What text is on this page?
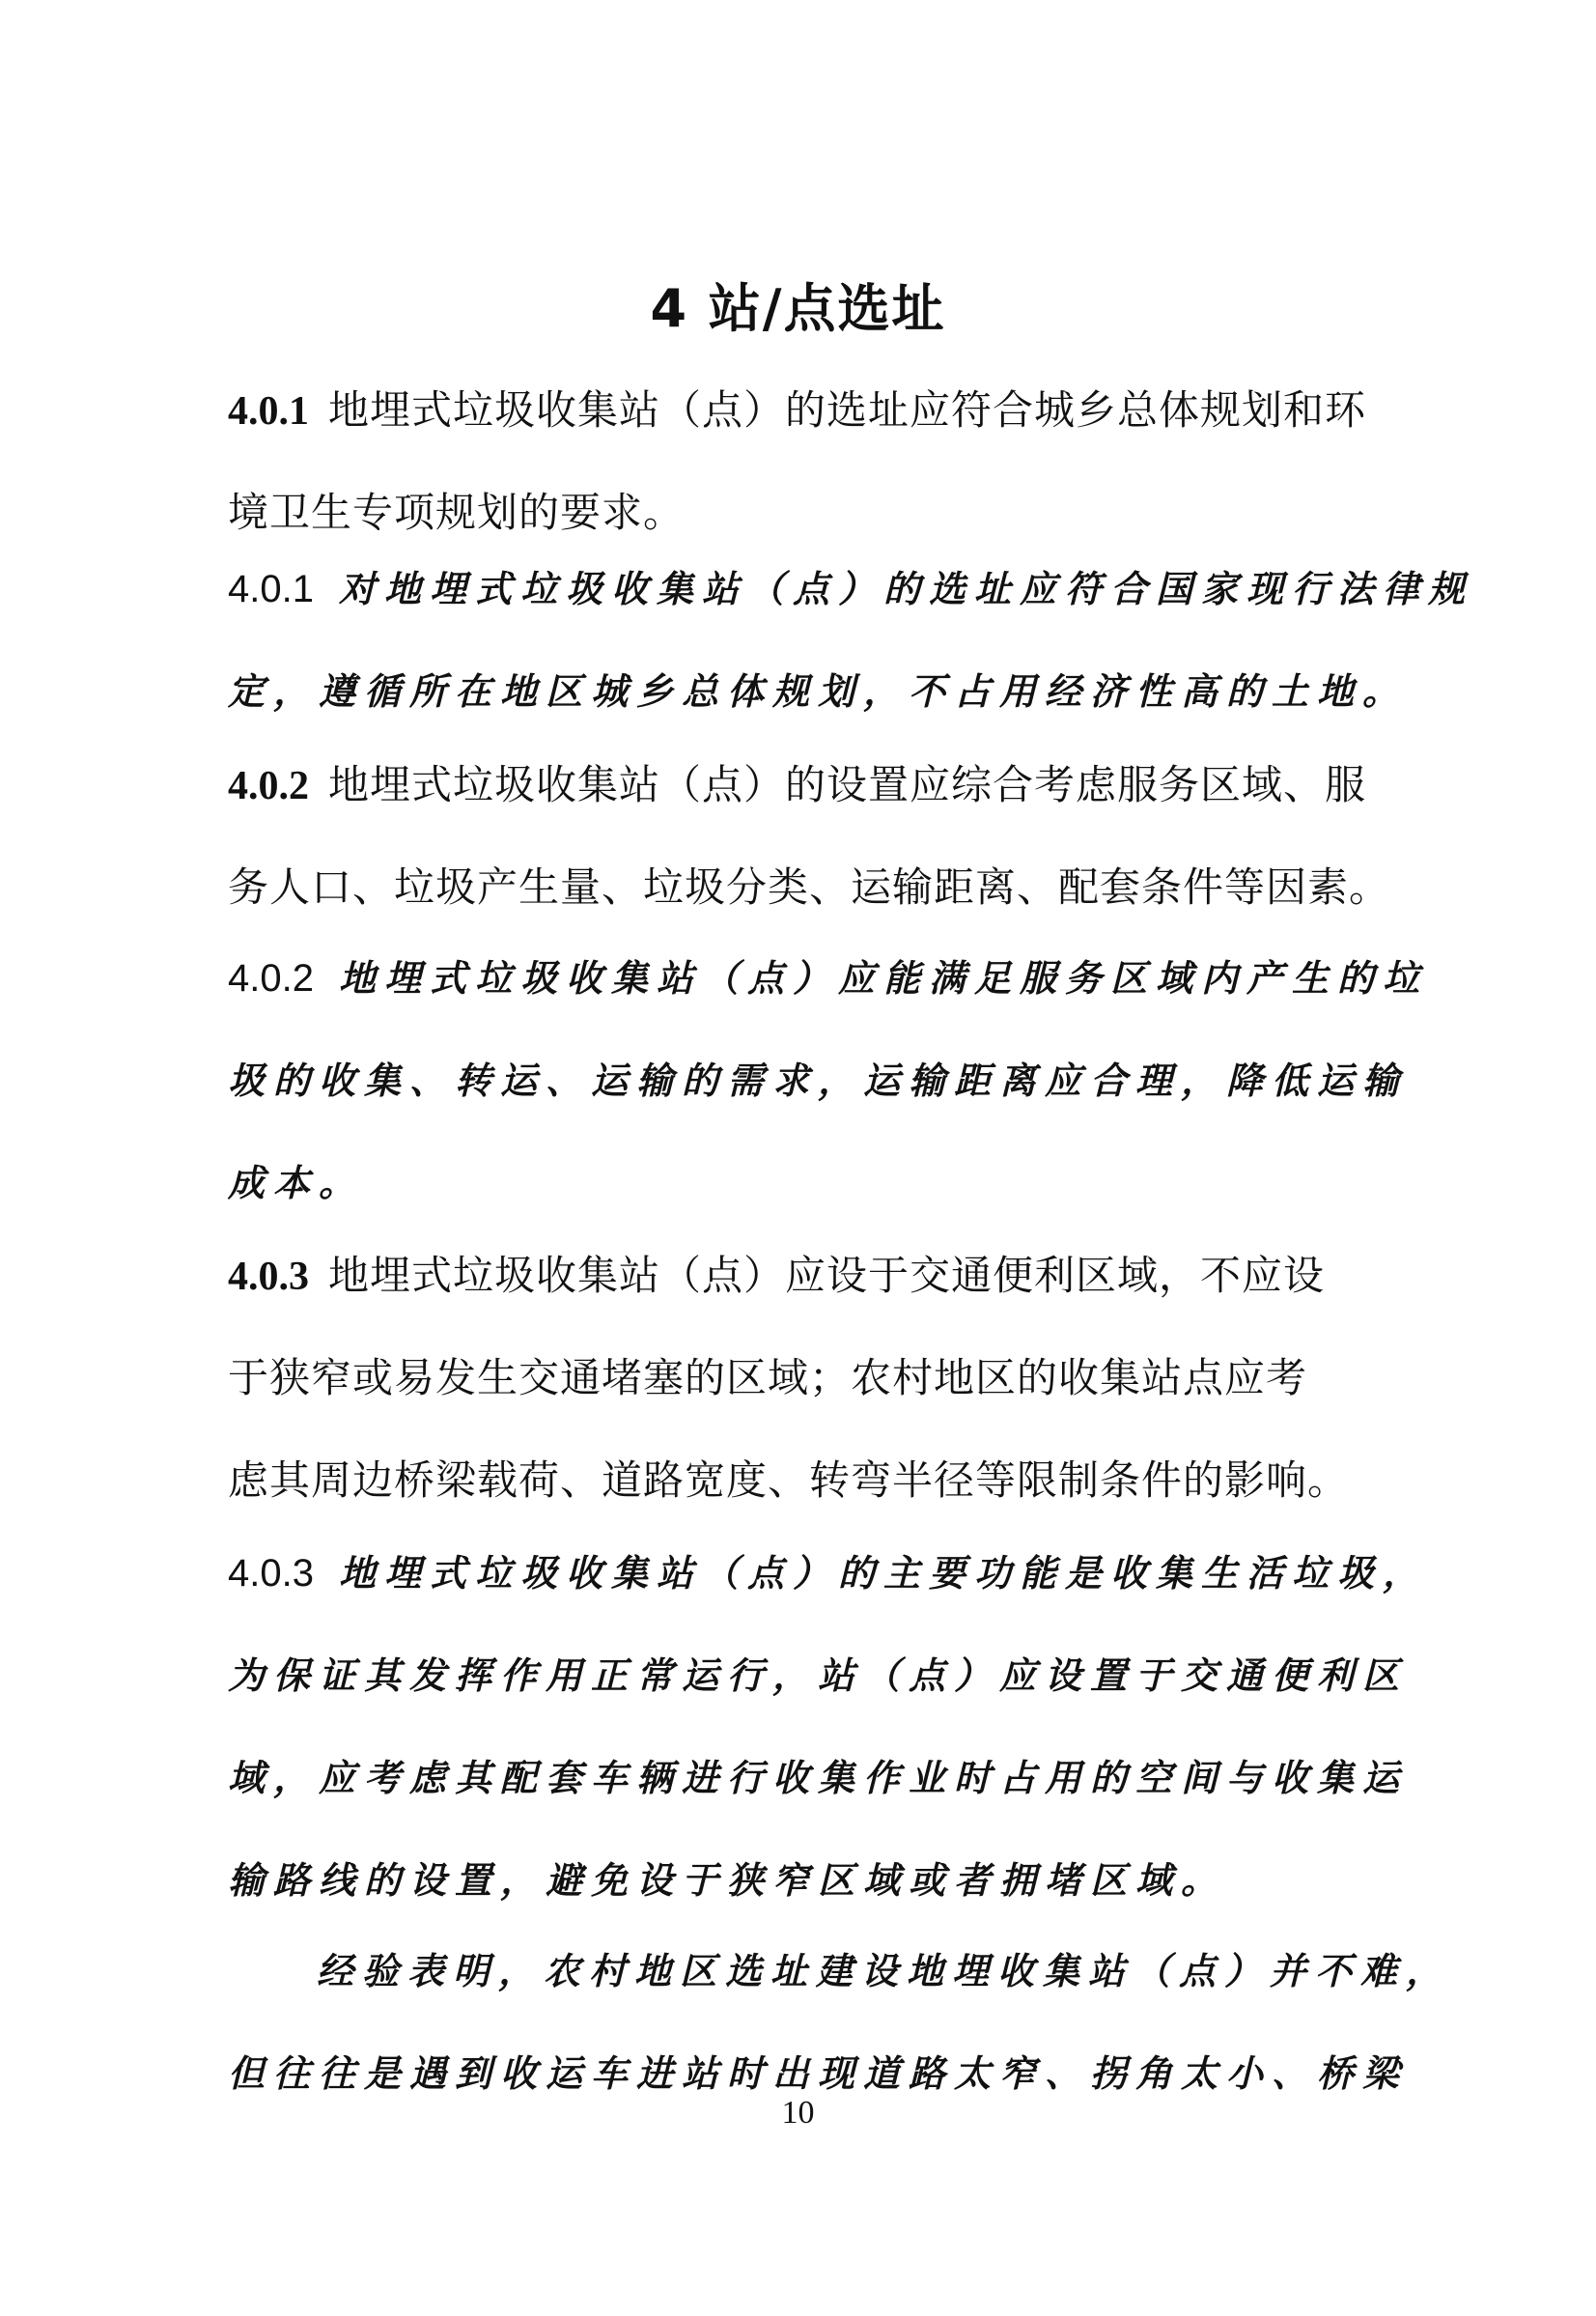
4 站/点选址
4.0.1 地埋式垃圾收集站（点）的选址应符合城乡总体规划和环
境卫生专项规划的要求。
4.0.1 对地埋式垃圾收集站（点）的选址应符合国家现行法律规
定，遵循所在地区城乡总体规划，不占用经济性高的土地。
4.0.2 地埋式垃圾收集站（点）的设置应综合考虑服务区域、服
务人口、垃圾产生量、垃圾分类、运输距离、配套条件等因素。
4.0.2 地埋式垃圾收集站（点）应能满足服务区域内产生的垃
圾的收集、转运、运输的需求，运输距离应合理，降低运输
成本。
4.0.3 地埋式垃圾收集站（点）应设于交通便利区域，不应设
于狭窄或易发生交通堵塞的区域；农村地区的收集站点应考
虑其周边桥梁载荷、道路宽度、转弯半径等限制条件的影响。
4.0.3 地埋式垃圾收集站（点）的主要功能是收集生活垃圾，
为保证其发挥作用正常运行，站（点）应设置于交通便利区
域，应考虑其配套车辆进行收集作业时占用的空间与收集运
输路线的设置，避免设于狭窄区域或者拥堵区域。
经验表明，农村地区选址建设地埋收集站（点）并不难，
但往往是遇到收运车进站时出现道路太窄、拐角太小、桥梁
10
